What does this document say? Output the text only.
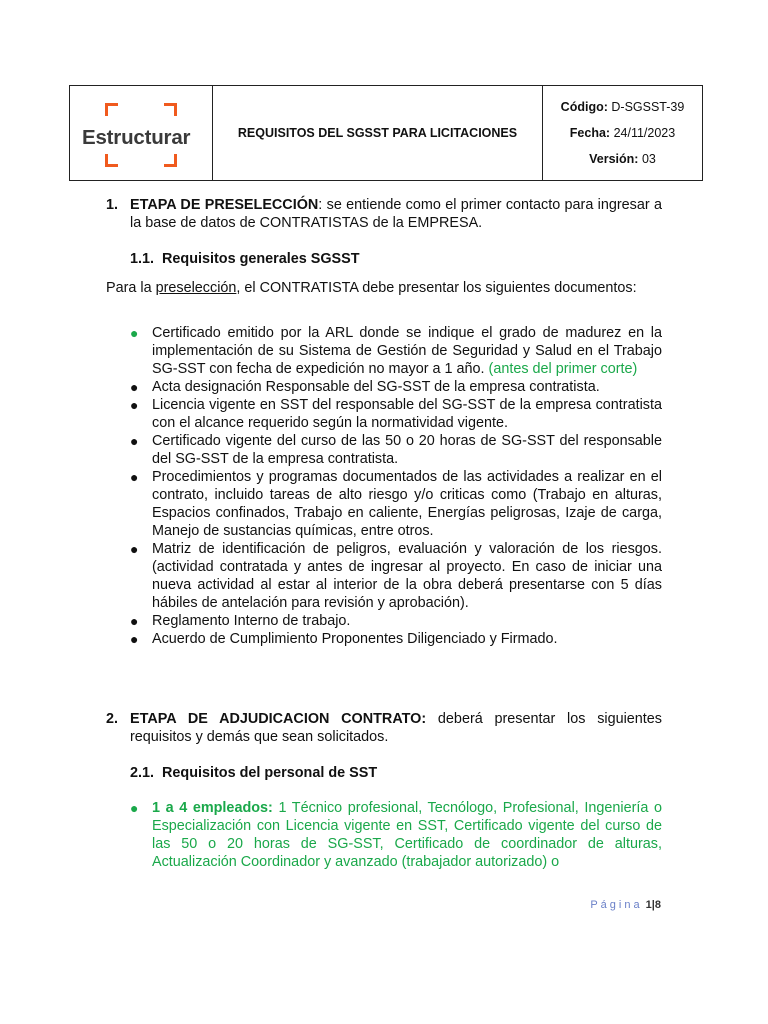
Estructurar	REQUISITOS DEL SGSST PARA LICITACIONES
Código: D-SGSST-39
Fecha: 24/11/2023
Versión: 03
1. ETAPA DE PRESELECCIÓN: se entiende como el primer contacto para ingresar a la base de datos de CONTRATISTAS de la EMPRESA.
1.1. Requisitos generales SGSST
Para la preselección, el CONTRATISTA debe presentar los siguientes documentos:
● Certificado emitido por la ARL donde se indique el grado de madurez en la implementación de su Sistema de Gestión de Seguridad y Salud en el Trabajo SG-SST con fecha de expedición no mayor a 1 año. (antes del primer corte)
● Acta designación Responsable del SG-SST de la empresa contratista.
● Licencia vigente en SST del responsable del SG-SST de la empresa contratista con el alcance requerido según la normatividad vigente.
● Certificado vigente del curso de las 50 o 20 horas de SG-SST del responsable del SG-SST de la empresa contratista.
● Procedimientos y programas documentados de las actividades a realizar en el contrato, incluido tareas de alto riesgo y/o criticas como (Trabajo en alturas, Espacios confinados, Trabajo en caliente, Energías peligrosas, Izaje de carga, Manejo de sustancias químicas, entre otros.
● Matriz de identificación de peligros, evaluación y valoración de los riesgos. (actividad contratada y antes de ingresar al proyecto. En caso de iniciar una nueva actividad al estar al interior de la obra deberá presentarse con 5 días hábiles de antelación para revisión y aprobación).
● Reglamento Interno de trabajo.
● Acuerdo de Cumplimiento Proponentes Diligenciado y Firmado.
2. ETAPA DE ADJUDICACION CONTRATO: deberá presentar los siguientes requisitos y demás que sean solicitados.
2.1. Requisitos del personal de SST
● 1 a 4 empleados: 1 Técnico profesional, Tecnólogo, Profesional, Ingeniería o Especialización con Licencia vigente en SST, Certificado vigente del curso de las 50 o 20 horas de SG-SST, Certificado de coordinador de alturas, Actualización Coordinador y avanzado (trabajador autorizado) o
Página 1|8
